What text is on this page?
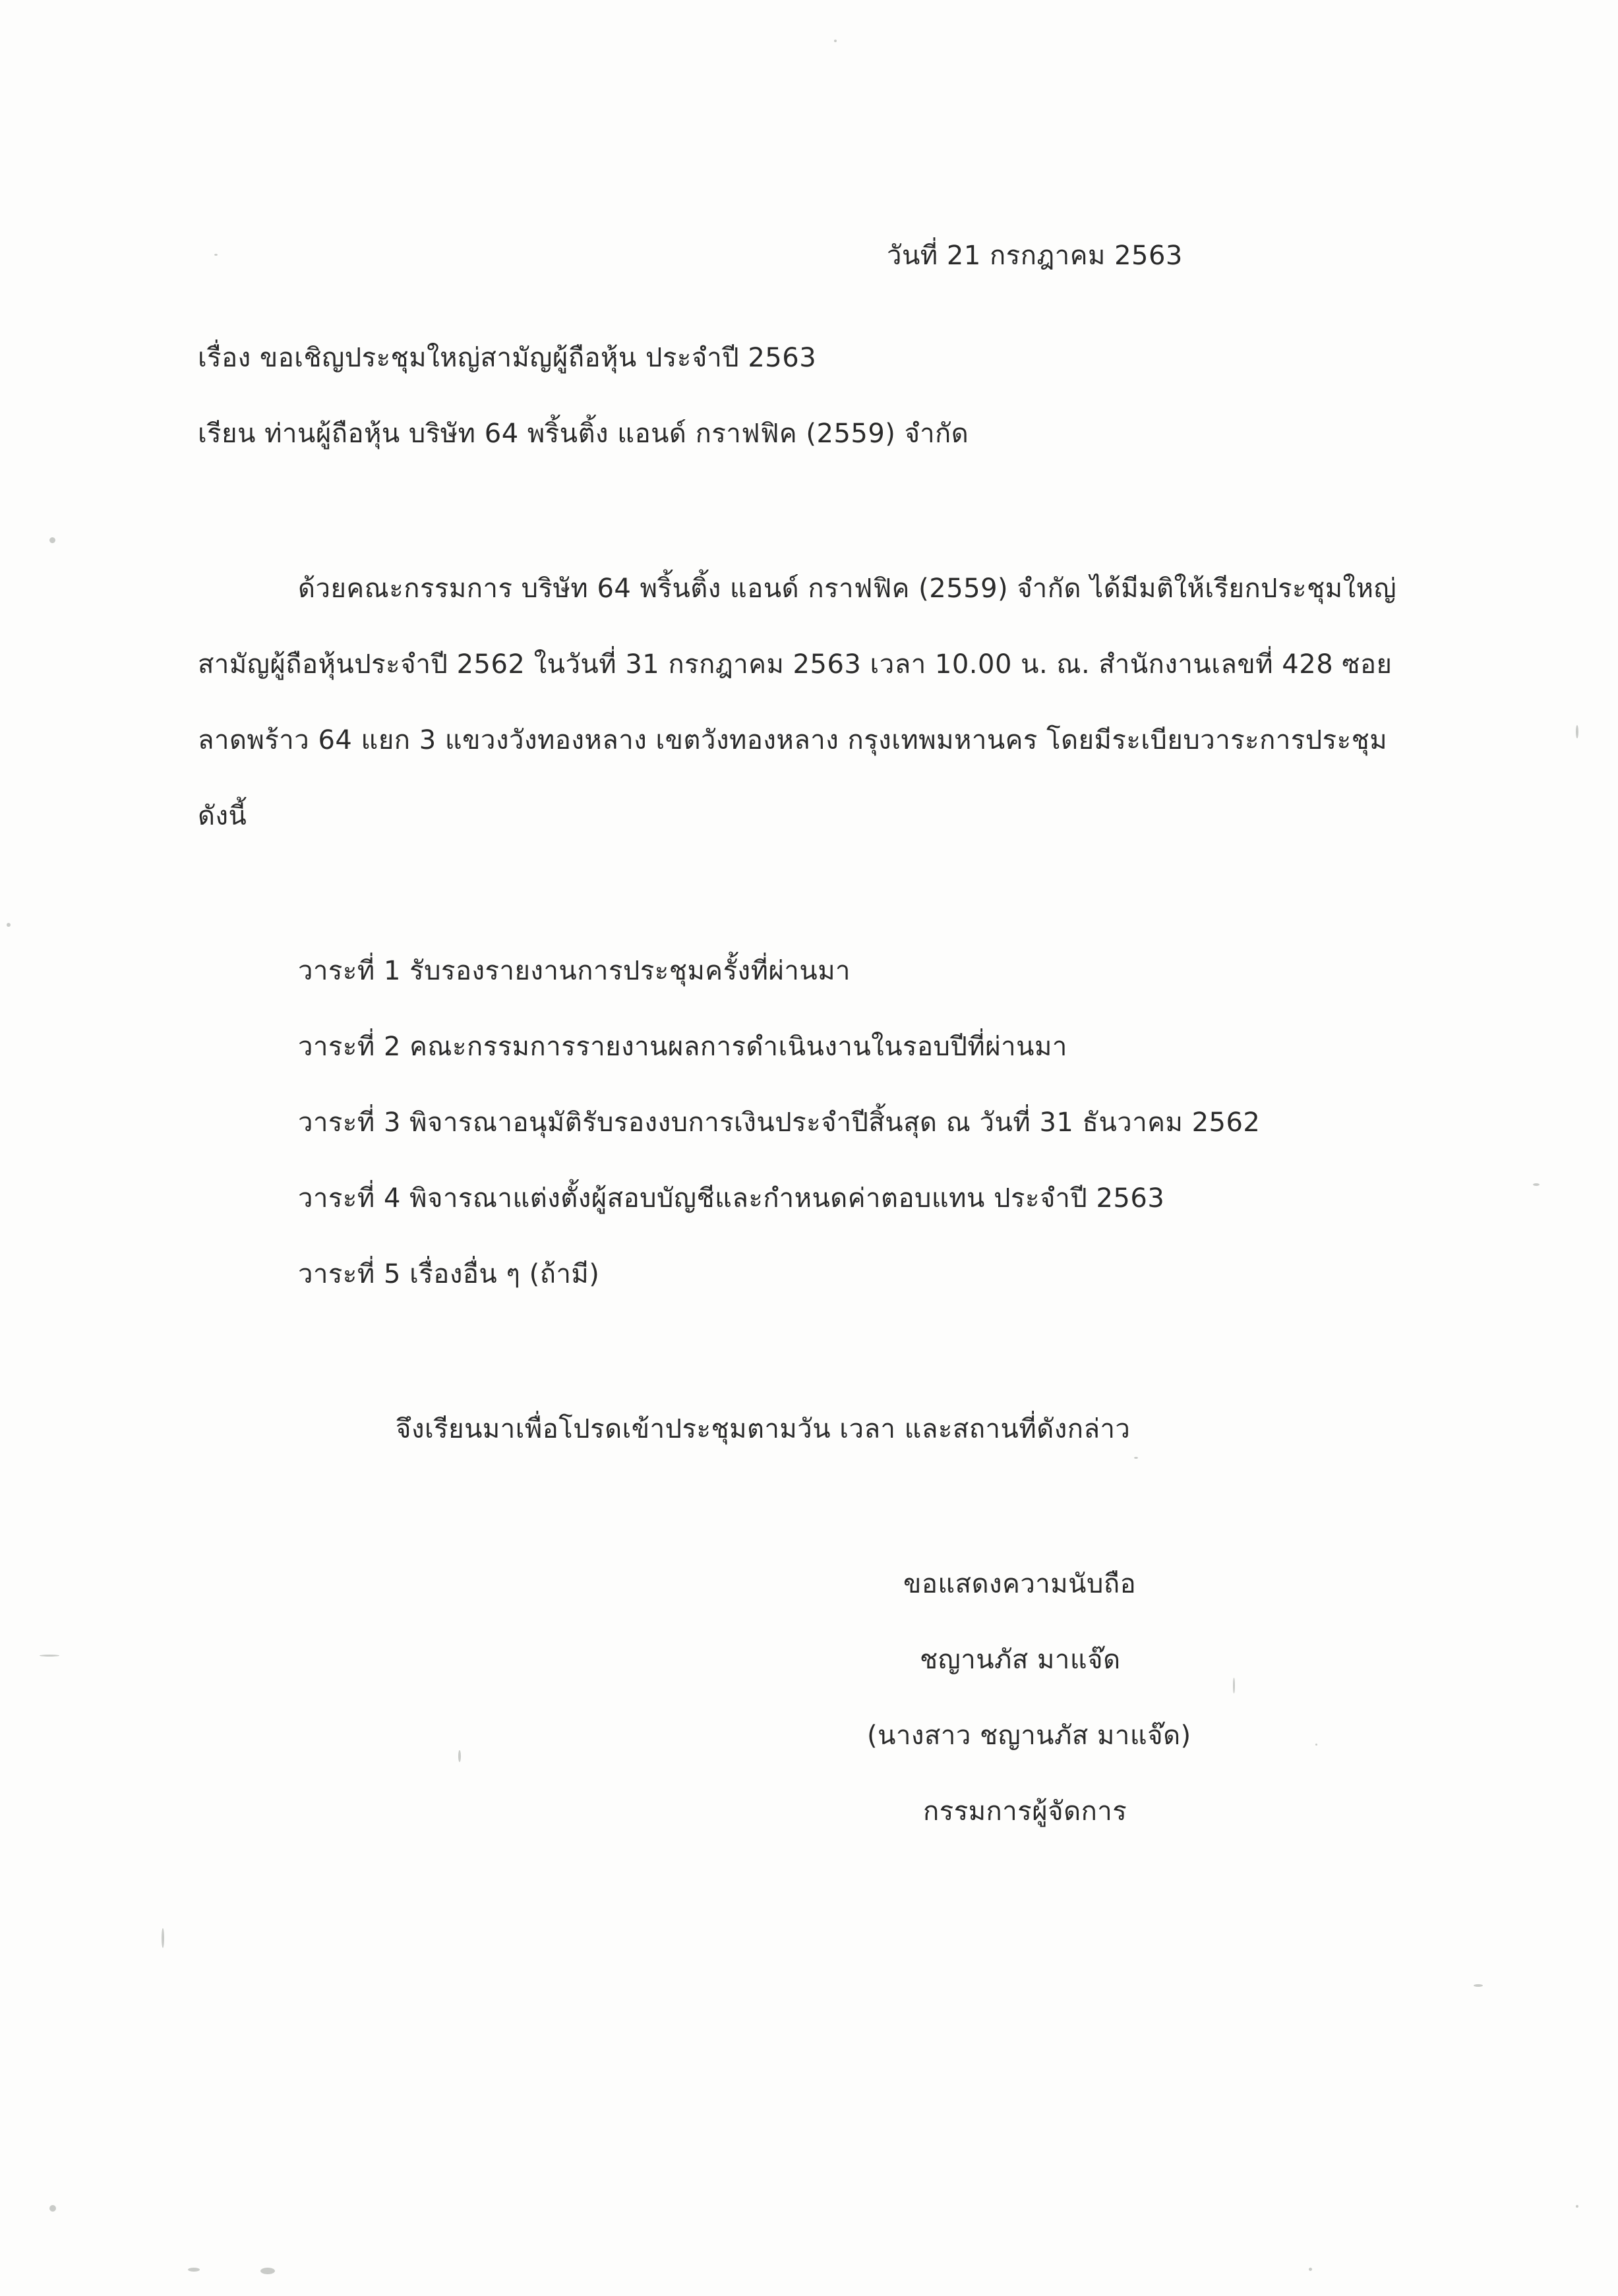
วันที่ 21 กรกฎาคม 2563
เรื่อง ขอเชิญประชุมใหญ่สามัญผู้ถือหุ้น ประจำปี 2563
เรียน ท่านผู้ถือหุ้น บริษัท 64 พริ้นติ้ง แอนด์ กราฟฟิค (2559) จำกัด
ด้วยคณะกรรมการ บริษัท 64 พริ้นติ้ง แอนด์ กราฟฟิค (2559) จำกัด ได้มีมติให้เรียกประชุมใหญ่
สามัญผู้ถือหุ้นประจำปี 2562 ในวันที่ 31 กรกฎาคม 2563 เวลา 10.00 น. ณ. สำนักงานเลขที่ 428 ซอย
ลาดพร้าว 64 แยก 3 แขวงวังทองหลาง เขตวังทองหลาง กรุงเทพมหานคร โดยมีระเบียบวาระการประชุม
ดังนี้
วาระที่ 1 รับรองรายงานการประชุมครั้งที่ผ่านมา
วาระที่ 2 คณะกรรมการรายงานผลการดำเนินงานในรอบปีที่ผ่านมา
วาระที่ 3 พิจารณาอนุมัติรับรองงบการเงินประจำปีสิ้นสุด ณ วันที่ 31 ธันวาคม 2562
วาระที่ 4 พิจารณาแต่งตั้งผู้สอบบัญชีและกำหนดค่าตอบแทน ประจำปี 2563
วาระที่ 5 เรื่องอื่น ๆ (ถ้ามี)
จึงเรียนมาเพื่อโปรดเข้าประชุมตามวัน เวลา และสถานที่ดังกล่าว
ขอแสดงความนับถือ
ชญานภัส มาแจ๊ด
(นางสาว ชญานภัส มาแจ๊ด)
กรรมการผู้จัดการ
